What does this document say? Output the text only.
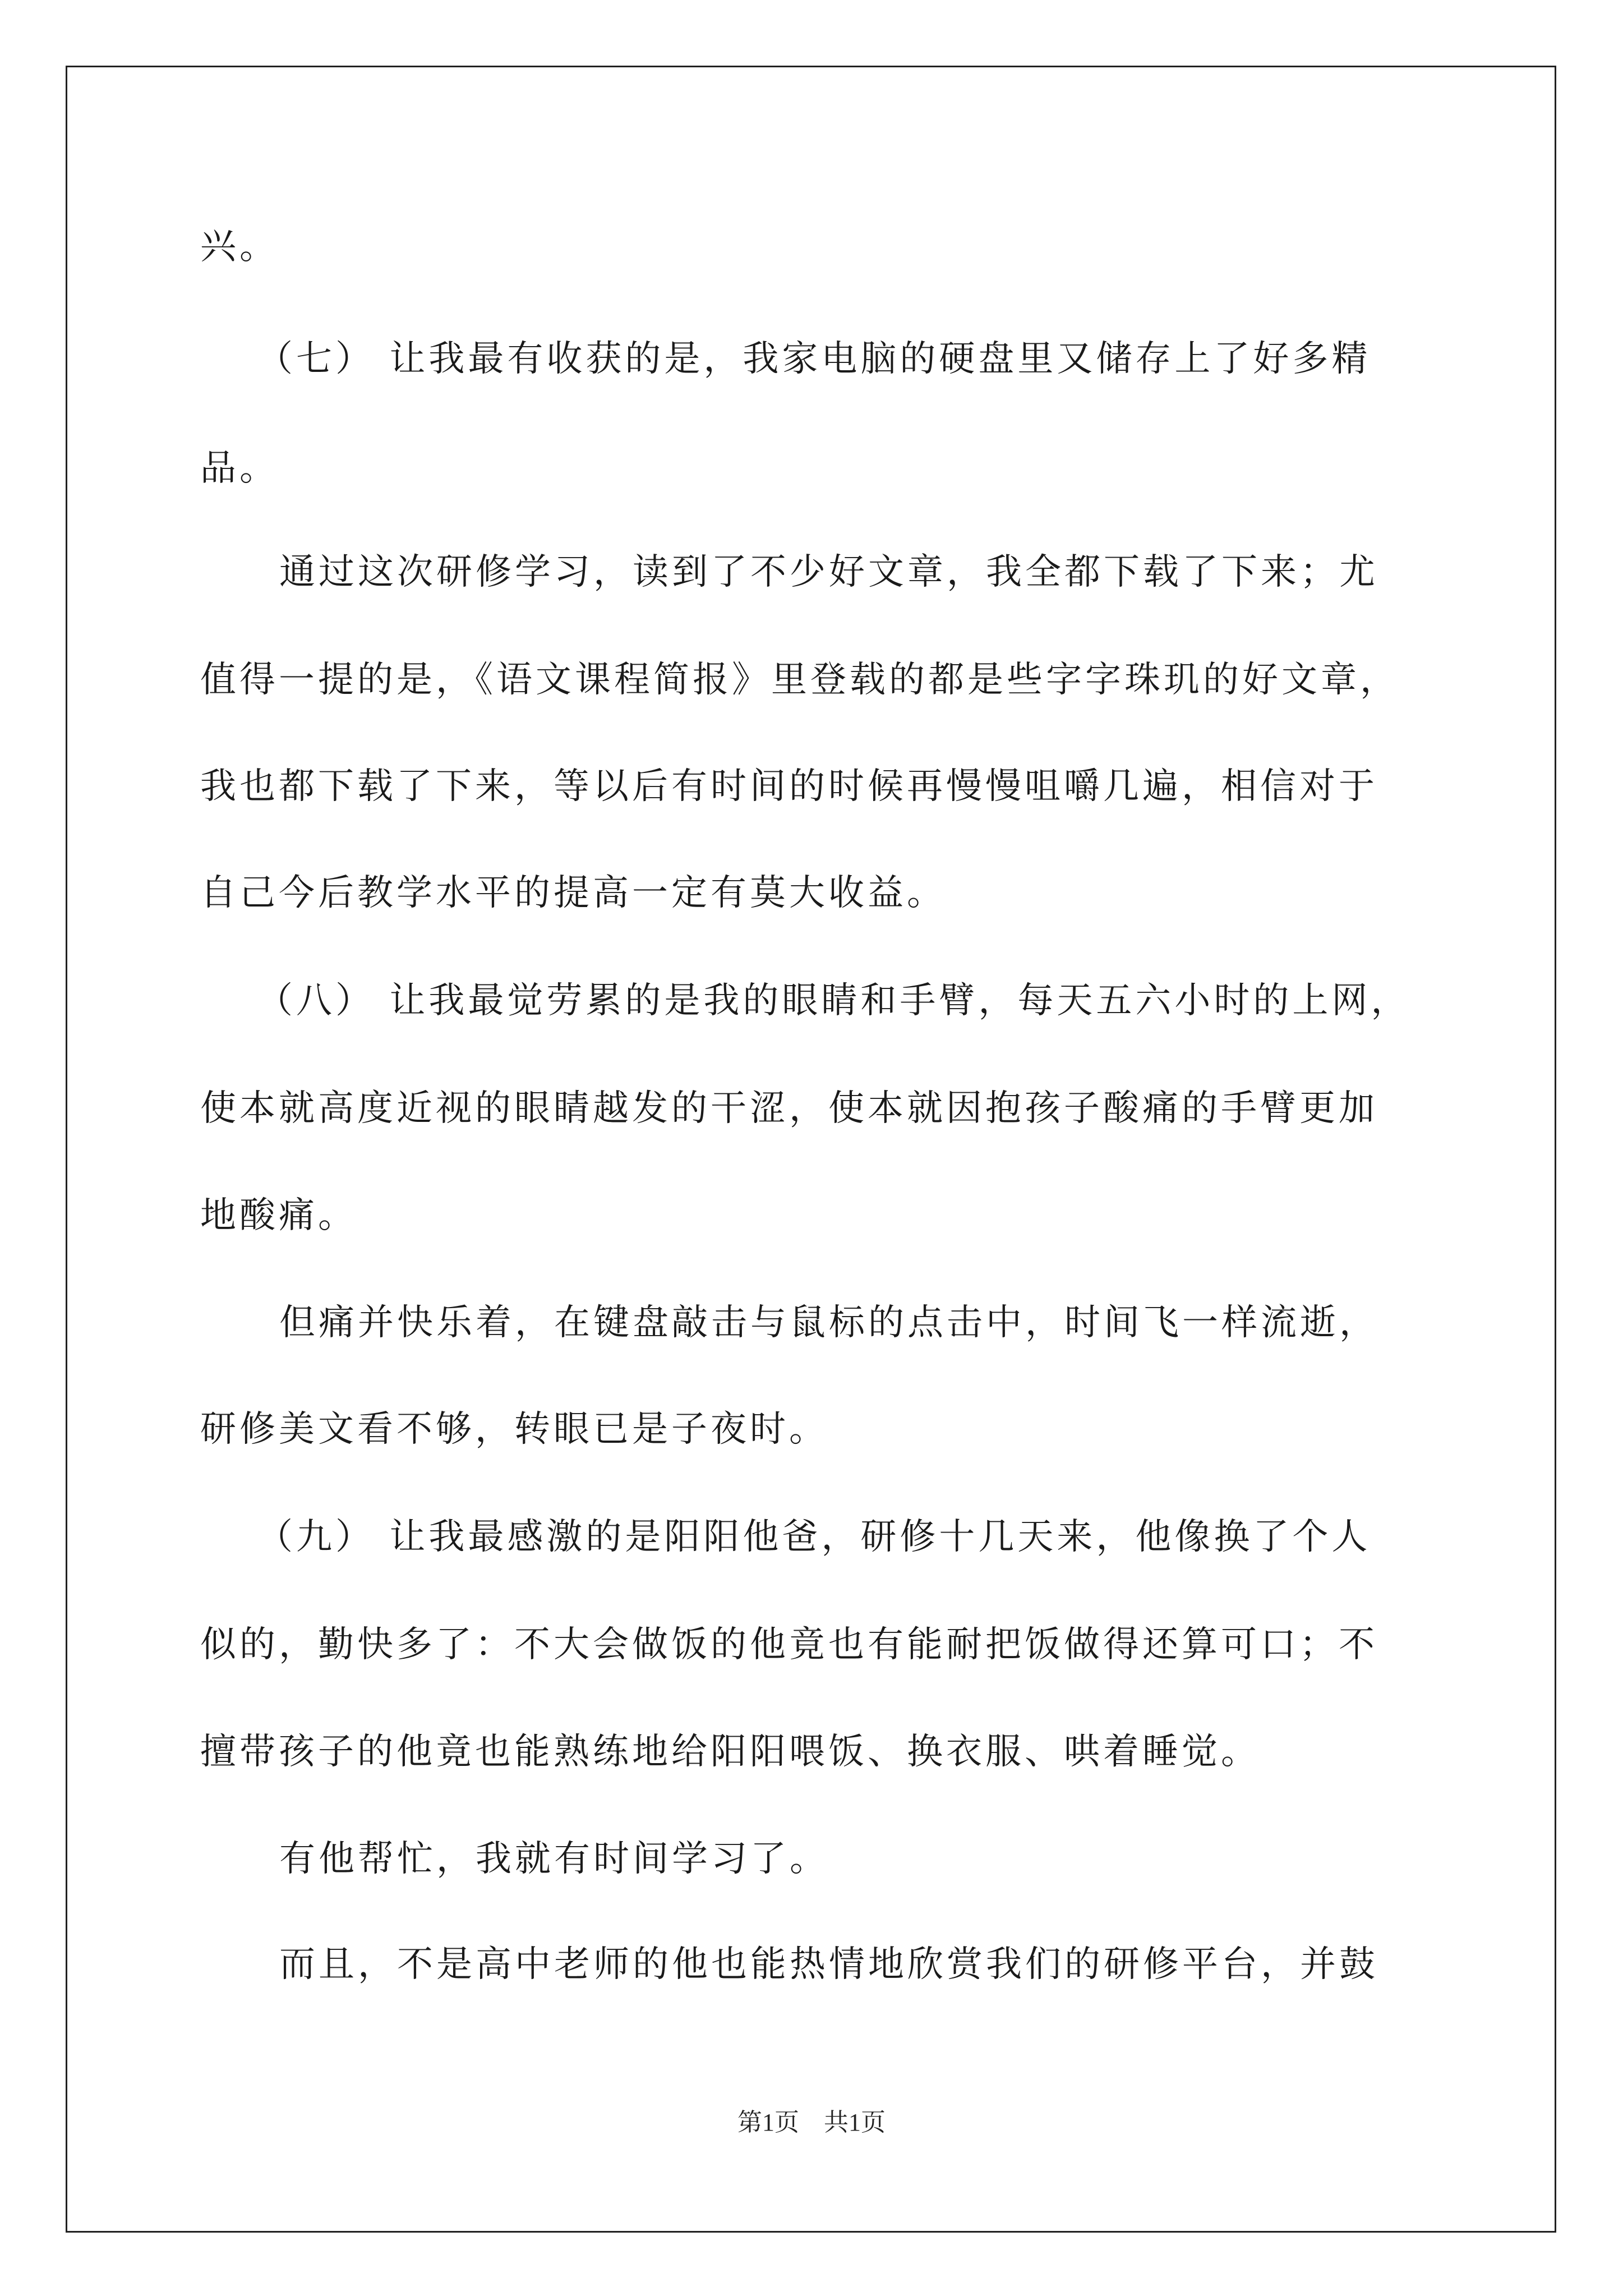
兴。
（七） 让我最有收获的是，我家电脑的硬盘里又储存上了好多精
品。
通过这次研修学习，读到了不少好文章，我全都下载了下来；尤
值得一提的是，《语文课程简报》里登载的都是些字字珠玑的好文章，
我也都下载了下来，等以后有时间的时候再慢慢咀嚼几遍，相信对于
自己今后教学水平的提高一定有莫大收益。
（八） 让我最觉劳累的是我的眼睛和手臂，每天五六小时的上网，
使本就高度近视的眼睛越发的干涩，使本就因抱孩子酸痛的手臂更加
地酸痛。
但痛并快乐着，在键盘敲击与鼠标的点击中，时间飞一样流逝，
研修美文看不够，转眼已是子夜时。
（九） 让我最感激的是阳阳他爸，研修十几天来，他像换了个人
似的，勤快多了：不大会做饭的他竟也有能耐把饭做得还算可口；不
擅带孩子的他竟也能熟练地给阳阳喂饭、换衣服、哄着睡觉。
有他帮忙，我就有时间学习了。
而且，不是高中老师的他也能热情地欣赏我们的研修平台，并鼓
第1页　共1页
